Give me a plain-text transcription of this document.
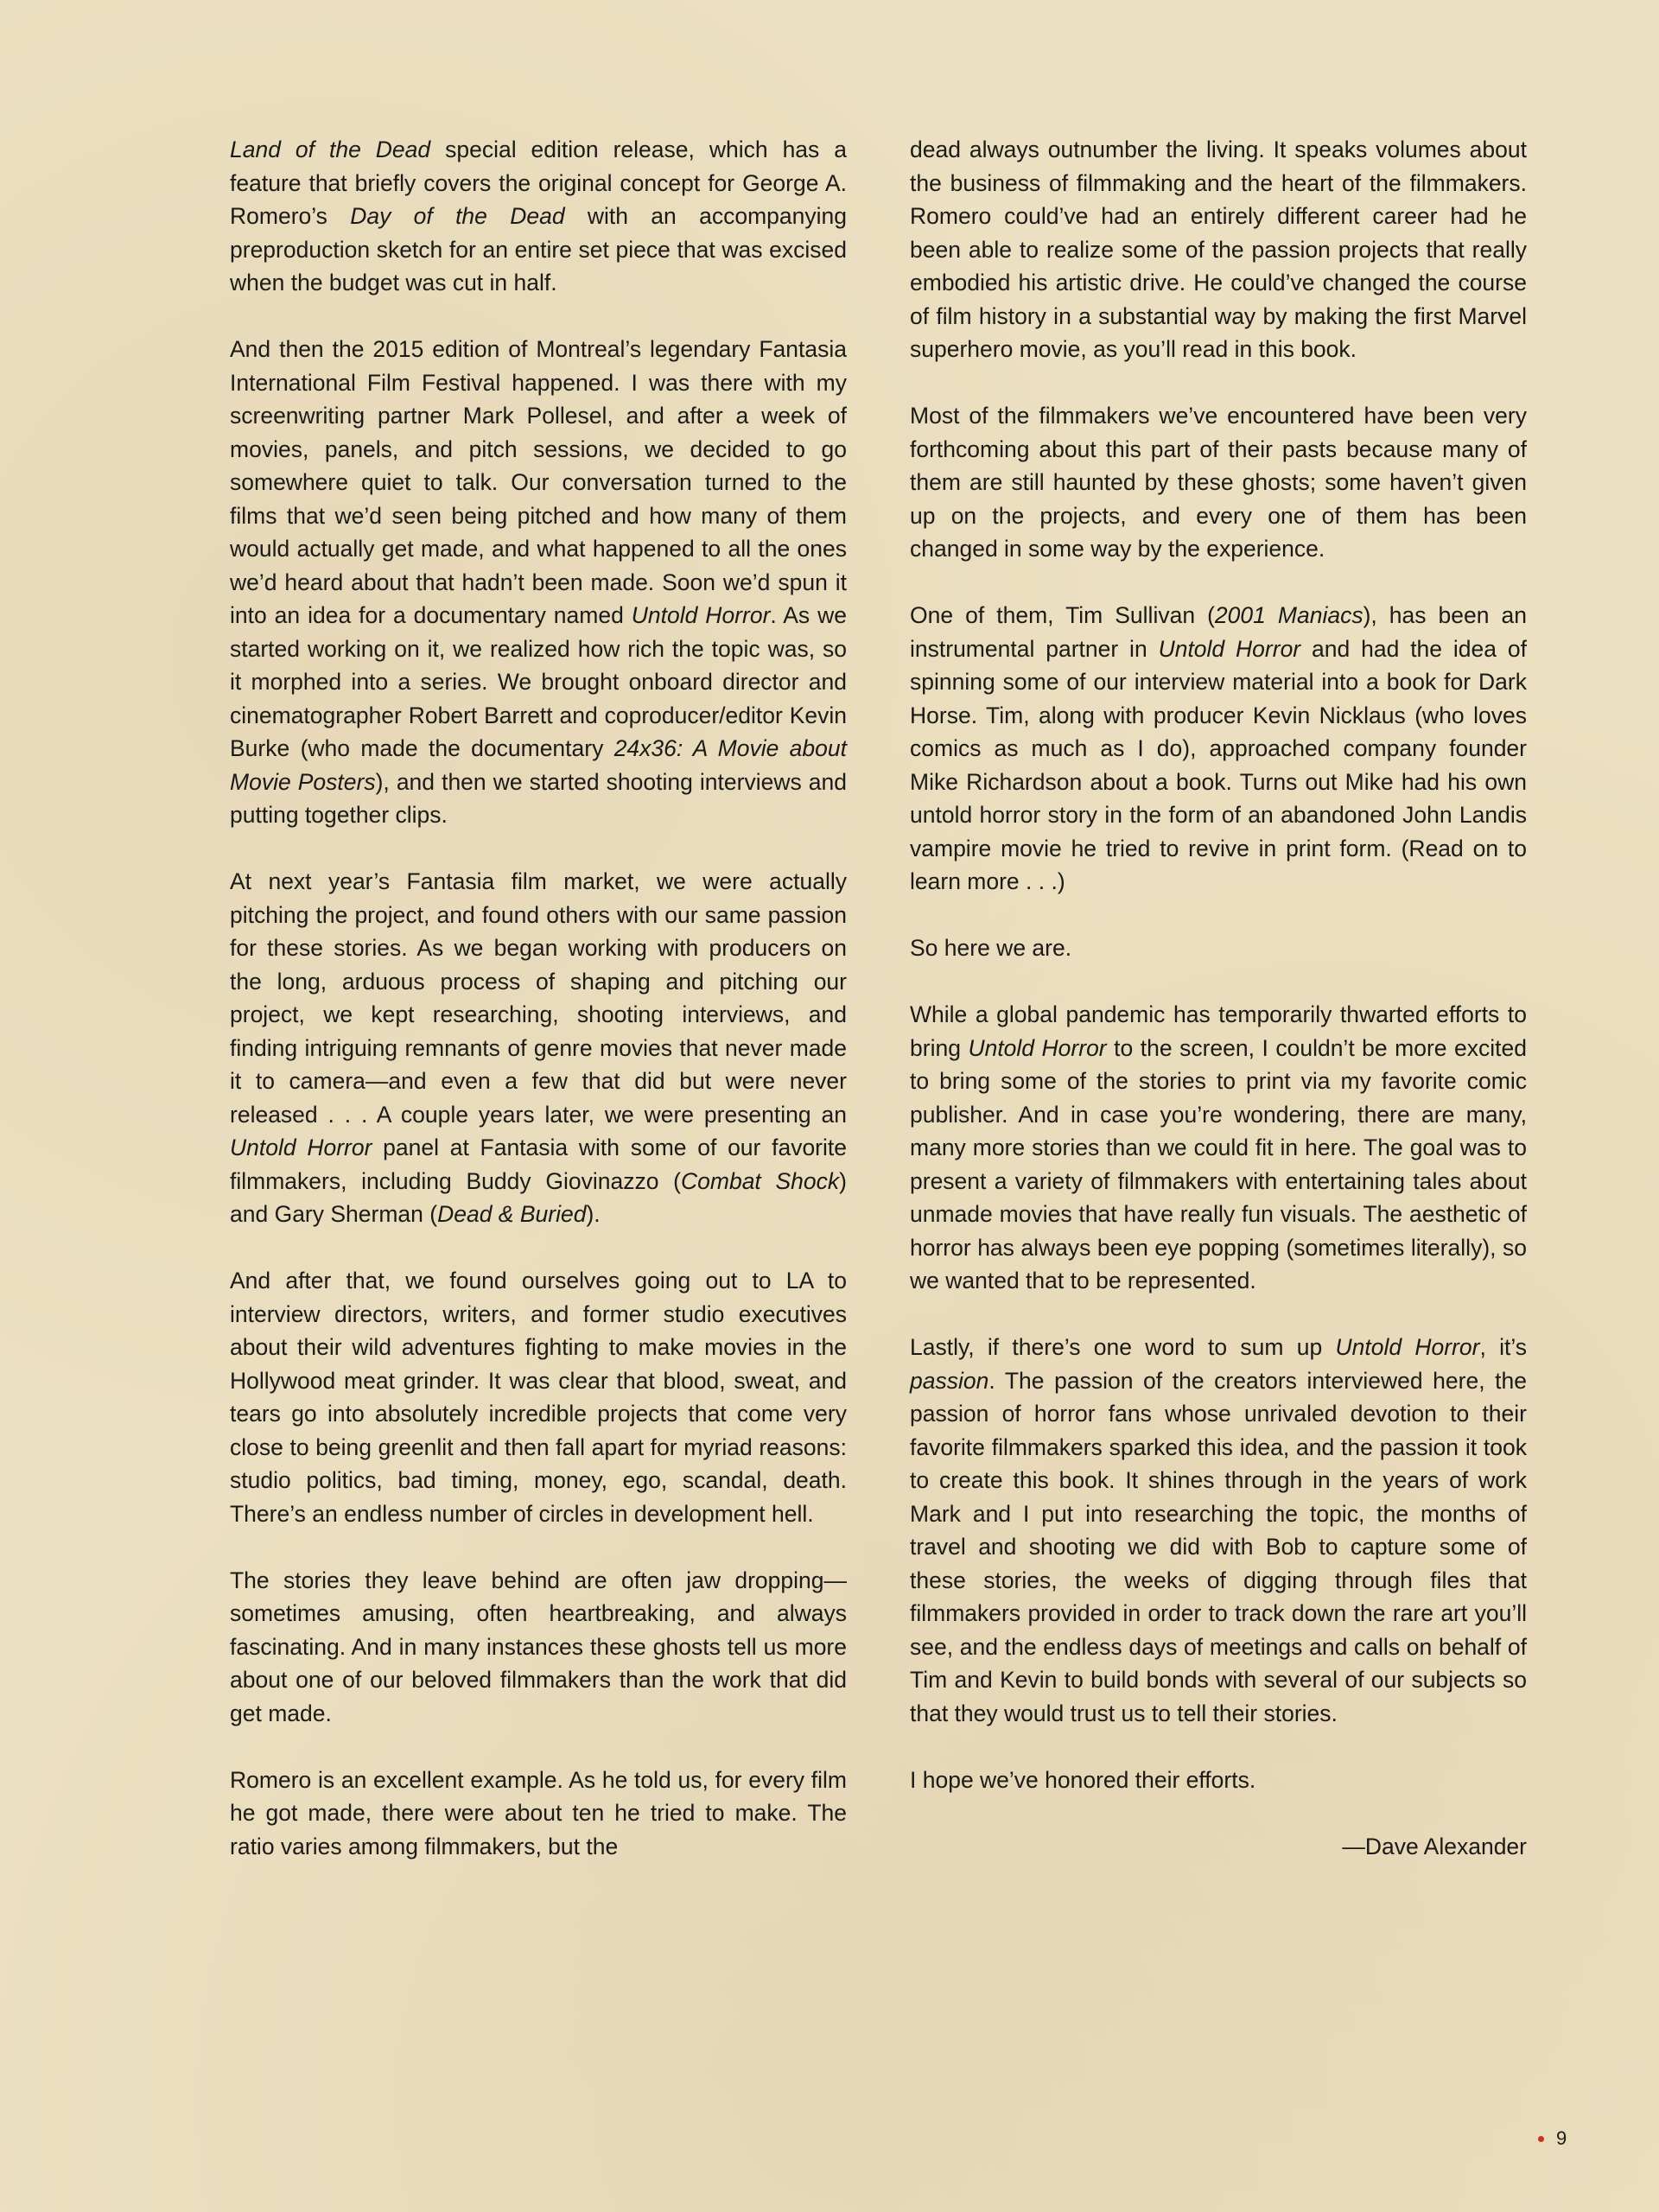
Land of the Dead special edition release, which has a feature that briefly covers the original concept for George A. Romero’s Day of the Dead with an accompanying preproduction sketch for an entire set piece that was excised when the budget was cut in half.

And then the 2015 edition of Montreal’s legendary Fantasia International Film Festival happened. I was there with my screenwriting partner Mark Pollesel, and after a week of movies, panels, and pitch sessions, we decided to go somewhere quiet to talk. Our conversation turned to the films that we’d seen being pitched and how many of them would actually get made, and what happened to all the ones we’d heard about that hadn’t been made. Soon we’d spun it into an idea for a documentary named Untold Horror. As we started working on it, we realized how rich the topic was, so it morphed into a series. We brought onboard director and cinematographer Robert Barrett and coproducer/editor Kevin Burke (who made the documentary 24x36: A Movie about Movie Posters), and then we started shooting interviews and putting together clips.

At next year’s Fantasia film market, we were actually pitching the project, and found others with our same passion for these stories. As we began working with producers on the long, arduous process of shaping and pitching our project, we kept researching, shooting interviews, and finding intriguing remnants of genre movies that never made it to camera—and even a few that did but were never released . . . A couple years later, we were presenting an Untold Horror panel at Fantasia with some of our favorite filmmakers, including Buddy Giovinazzo (Combat Shock) and Gary Sherman (Dead & Buried).

And after that, we found ourselves going out to LA to interview directors, writers, and former studio executives about their wild adventures fighting to make movies in the Hollywood meat grinder. It was clear that blood, sweat, and tears go into absolutely incredible projects that come very close to being greenlit and then fall apart for myriad reasons: studio politics, bad timing, money, ego, scandal, death. There’s an endless number of circles in development hell.

The stories they leave behind are often jaw dropping—sometimes amusing, often heartbreaking, and always fascinating. And in many instances these ghosts tell us more about one of our beloved filmmakers than the work that did get made.

Romero is an excellent example. As he told us, for every film he got made, there were about ten he tried to make. The ratio varies among filmmakers, but the

dead always outnumber the living. It speaks volumes about the business of filmmaking and the heart of the filmmakers. Romero could’ve had an entirely different career had he been able to realize some of the passion projects that really embodied his artistic drive. He could’ve changed the course of film history in a substantial way by making the first Marvel superhero movie, as you’ll read in this book.

Most of the filmmakers we’ve encountered have been very forthcoming about this part of their pasts because many of them are still haunted by these ghosts; some haven’t given up on the projects, and every one of them has been changed in some way by the experience.

One of them, Tim Sullivan (2001 Maniacs), has been an instrumental partner in Untold Horror and had the idea of spinning some of our interview material into a book for Dark Horse. Tim, along with producer Kevin Nicklaus (who loves comics as much as I do), approached company founder Mike Richardson about a book. Turns out Mike had his own untold horror story in the form of an abandoned John Landis vampire movie he tried to revive in print form. (Read on to learn more . . .)

So here we are.

While a global pandemic has temporarily thwarted efforts to bring Untold Horror to the screen, I couldn’t be more excited to bring some of the stories to print via my favorite comic publisher. And in case you’re wondering, there are many, many more stories than we could fit in here. The goal was to present a variety of filmmakers with entertaining tales about unmade movies that have really fun visuals. The aesthetic of horror has always been eye popping (sometimes literally), so we wanted that to be represented.

Lastly, if there’s one word to sum up Untold Horror, it’s passion. The passion of the creators interviewed here, the passion of horror fans whose unrivaled devotion to their favorite filmmakers sparked this idea, and the passion it took to create this book. It shines through in the years of work Mark and I put into researching the topic, the months of travel and shooting we did with Bob to capture some of these stories, the weeks of digging through files that filmmakers provided in order to track down the rare art you’ll see, and the endless days of meetings and calls on behalf of Tim and Kevin to build bonds with several of our subjects so that they would trust us to tell their stories.

I hope we’ve honored their efforts.

—Dave Alexander

9
